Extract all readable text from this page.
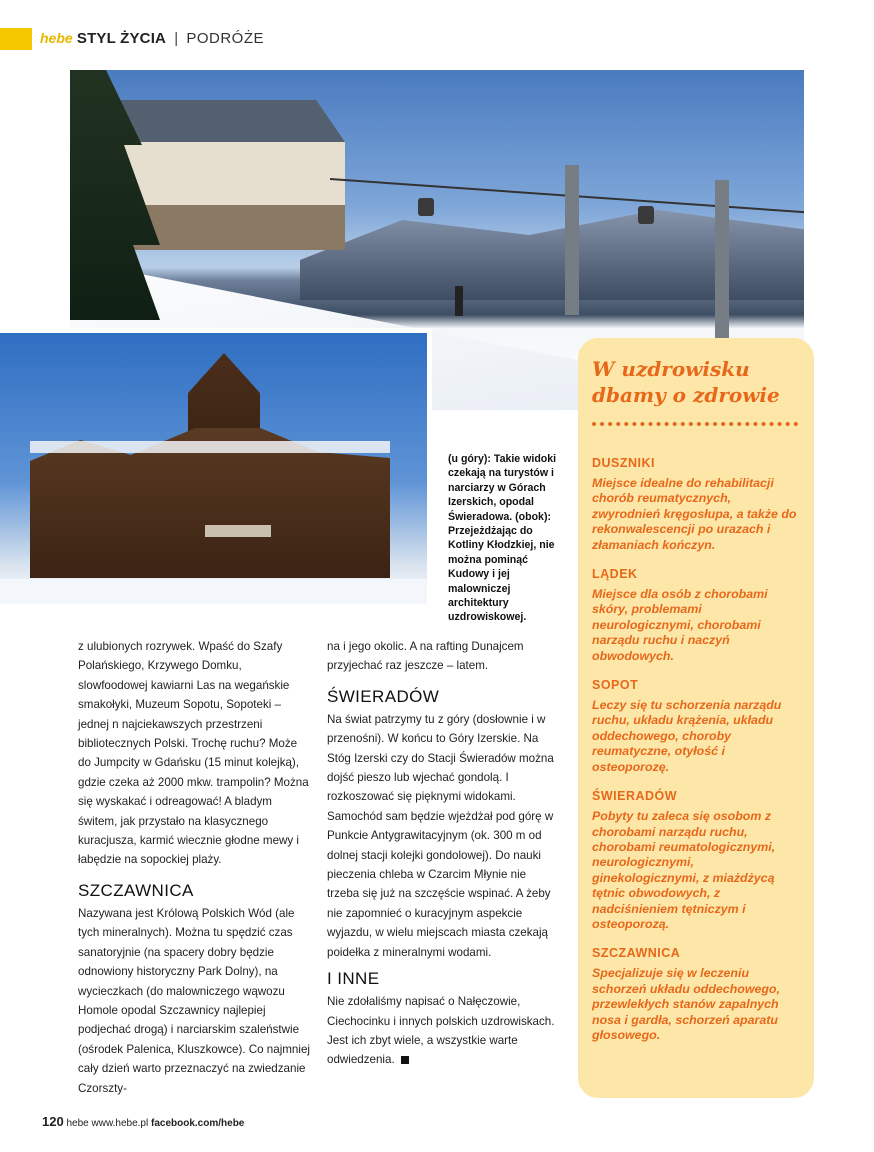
hebe STYL ŻYCIA | PODRÓŻE
(u góry): Takie widoki czekają na turystów i narciarzy w Górach Izerskich, opodal Świeradowa. (obok): Przejeżdżając do Kotliny Kłodzkiej, nie można pominąć Kudowy i jej malowniczej architektury uzdrowiskowej.

z ulubionych rozrywek. Wpaść do Szafy Polańskiego, Krzywego Domku, slowfoodowej kawiarni Las na wegańskie smakołyki, Muzeum Sopotu, Sopoteki – jednej n najciekawszych przestrzeni bibliotecznych Polski. Trochę ruchu? Może do Jumpcity w Gdańsku (15 minut kolejką), gdzie czeka aż 2000 mkw. trampolin? Można się wyskakać i odreagować! A bladym świtem, jak przystało na klasycznego kuracjusza, karmić wiecznie głodne mewy i łabędzie na sopockiej plaży.

SZCZAWNICA

Nazywana jest Królową Polskich Wód (ale tych mineralnych). Można tu spędzić czas sanatoryjnie (na spacery dobry będzie odnowiony historyczny Park Dolny), na wycieczkach (do malowniczego wąwozu Homole opodal Szczawnicy najlepiej podjechać drogą) i narciarskim szaleństwie (ośrodek Palenica, Kluszkowce). Co najmniej cały dzień warto przeznaczyć na zwiedzanie Czorszty-

na i jego okolic. A na rafting Dunajcem przyjechać raz jeszcze – latem.

ŚWIERADÓW

Na świat patrzymy tu z góry (dosłownie i w przenośni). W końcu to Góry Izerskie. Na Stóg Izerski czy do Stacji Świeradów można dojść pieszo lub wjechać gondolą. I rozkoszować się pięknymi widokami. Samochód sam będzie wjeżdżał pod górę w Punkcie Antygrawitacyjnym (ok. 300 m od dolnej stacji kolejki gondolowej). Do nauki pieczenia chleba w Czarcim Młynie nie trzeba się już na szczęście wspinać. A żeby nie zapomnieć o kuracyjnym aspekcie wyjazdu, w wielu miejscach miasta czekają poidełka z mineralnymi wodami.

I INNE

Nie zdołaliśmy napisać o Nałęczowie, Ciechocinku i innych polskich uzdrowiskach. Jest ich zbyt wiele, a wszystkie warte odwiedzenia.

W uzdrowisku dbamy o zdrowie
DUSZNIKI

Miejsce idealne do rehabilitacji chorób reumatycznych, zwyrodnień kręgosłupa, a także do rekonwalescencji po urazach i złamaniach kończyn.

LĄDEK

Miejsce dla osób z chorobami skóry, problemami neurologicznymi, chorobami narządu ruchu i naczyń obwodowych.

SOPOT

Leczy się tu schorzenia narządu ruchu, układu krążenia, układu oddechowego, choroby reumatyczne, otyłość i osteoporozę.

ŚWIERADÓW

Pobyty tu zaleca się osobom z chorobami narządu ruchu, chorobami reumatologicznymi, neurologicznymi, ginekologicznymi, z miażdżycą tętnic obwodowych, z nadciśnieniem tętniczym i osteoporozą.

SZCZAWNICA

Specjalizuje się w leczeniu schorzeń układu oddechowego, przewlekłych stanów zapalnych nosa i gardła, schorzeń aparatu głosowego.

120 hebe www.hebe.pl facebook.com/hebe
